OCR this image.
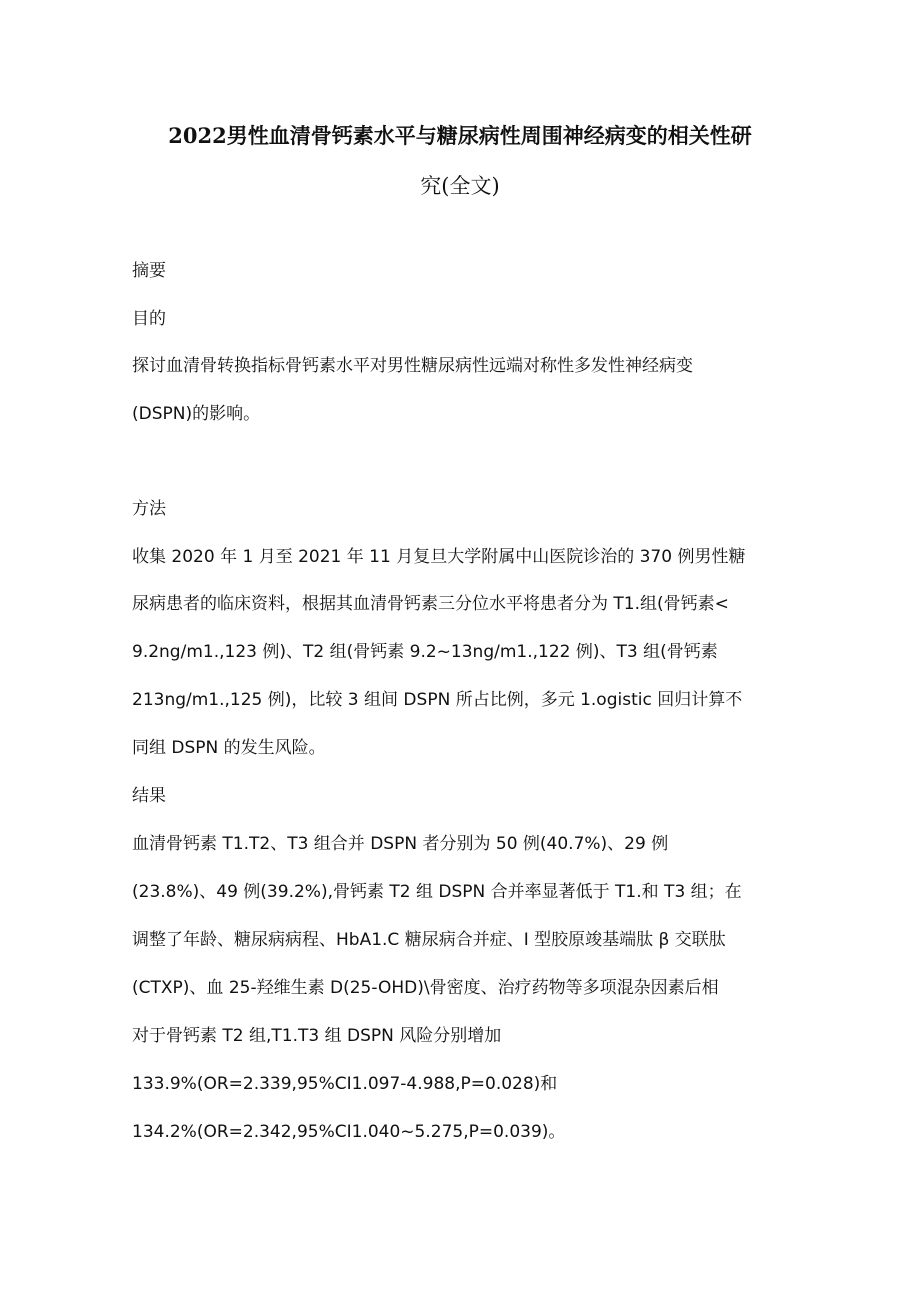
2022男性血清骨钙素水平与糖尿病性周围神经病变的相关性研
究(全文)
摘要
目的
探讨血清骨转换指标骨钙素水平对男性糖尿病性远端对称性多发性神经病变
(DSPN)的影响。
方法
收集 2020 年 1 月至 2021 年 11 月复旦大学附属中山医院诊治的 370 例男性糖
尿病患者的临床资料，根据其血清骨钙素三分位水平将患者分为 T1.组(骨钙素<
9.2ng/m1.,123 例)、T2 组(骨钙素 9.2~13ng/m1.,122 例)、T3 组(骨钙素
213ng/m1.,125 例)，比较 3 组间 DSPN 所占比例，多元 1.ogistic 回归计算不
同组 DSPN 的发生风险。
结果
血清骨钙素 T1.T2、T3 组合并 DSPN 者分别为 50 例(40.7%)、29 例
(23.8%)、49 例(39.2%),骨钙素 T2 组 DSPN 合并率显著低于 T1.和 T3 组；在
调整了年龄、糖尿病病程、HbA1.C 糖尿病合并症、I 型胶原竣基端肽 β 交联肽
(CTXP)、血 25-羟维生素 D(25-OHD)\骨密度、治疗药物等多项混杂因素后相
对于骨钙素 T2 组,T1.T3 组 DSPN 风险分别增加
133.9%(OR=2.339,95%CI1.097-4.988,P=0.028)和
134.2%(OR=2.342,95%CI1.040~5.275,P=0.039)。
